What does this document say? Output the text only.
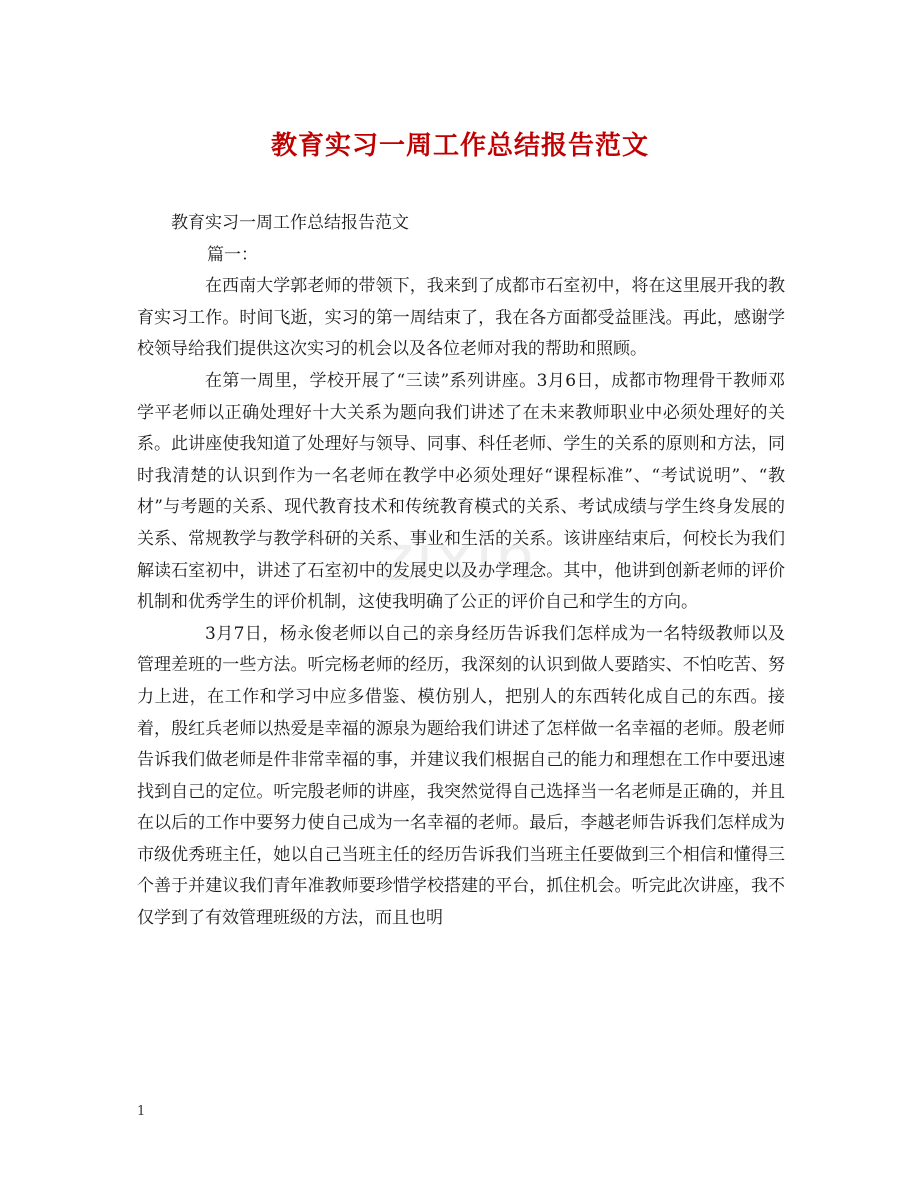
教育实习一周工作总结报告范文
zixin

教育实习一周工作总结报告范文

篇一：

在西南大学郭老师的带领下，我来到了成都市石室初中，将在这里展开我的教育实习工作。时间飞逝，实习的第一周结束了，我在各方面都受益匪浅。再此，感谢学校领导给我们提供这次实习的机会以及各位老师对我的帮助和照顾。

在第一周里，学校开展了“三读”系列讲座。3月6日，成都市物理骨干教师邓学平老师以正确处理好十大关系为题向我们讲述了在未来教师职业中必须处理好的关系。此讲座使我知道了处理好与领导、同事、科任老师、学生的关系的原则和方法，同时我清楚的认识到作为一名老师在教学中必须处理好“课程标准”、“考试说明”、“教材”与考题的关系、现代教育技术和传统教育模式的关系、考试成绩与学生终身发展的关系、常规教学与教学科研的关系、事业和生活的关系。该讲座结束后，何校长为我们解读石室初中，讲述了石室初中的发展史以及办学理念。其中，他讲到创新老师的评价机制和优秀学生的评价机制，这使我明确了公正的评价自己和学生的方向。

3月7日，杨永俊老师以自己的亲身经历告诉我们怎样成为一名特级教师以及管理差班的一些方法。听完杨老师的经历，我深刻的认识到做人要踏实、不怕吃苦、努力上进，在工作和学习中应多借鉴、模仿别人，把别人的东西转化成自己的东西。接着，殷红兵老师以热爱是幸福的源泉为题给我们讲述了怎样做一名幸福的老师。殷老师告诉我们做老师是件非常幸福的事，并建议我们根据自己的能力和理想在工作中要迅速找到自己的定位。听完殷老师的讲座，我突然觉得自己选择当一名老师是正确的，并且在以后的工作中要努力使自己成为一名幸福的老师。最后，李越老师告诉我们怎样成为市级优秀班主任，她以自己当班主任的经历告诉我们当班主任要做到三个相信和懂得三个善于并建议我们青年准教师要珍惜学校搭建的平台，抓住机会。听完此次讲座，我不仅学到了有效管理班级的方法，而且也明

1
